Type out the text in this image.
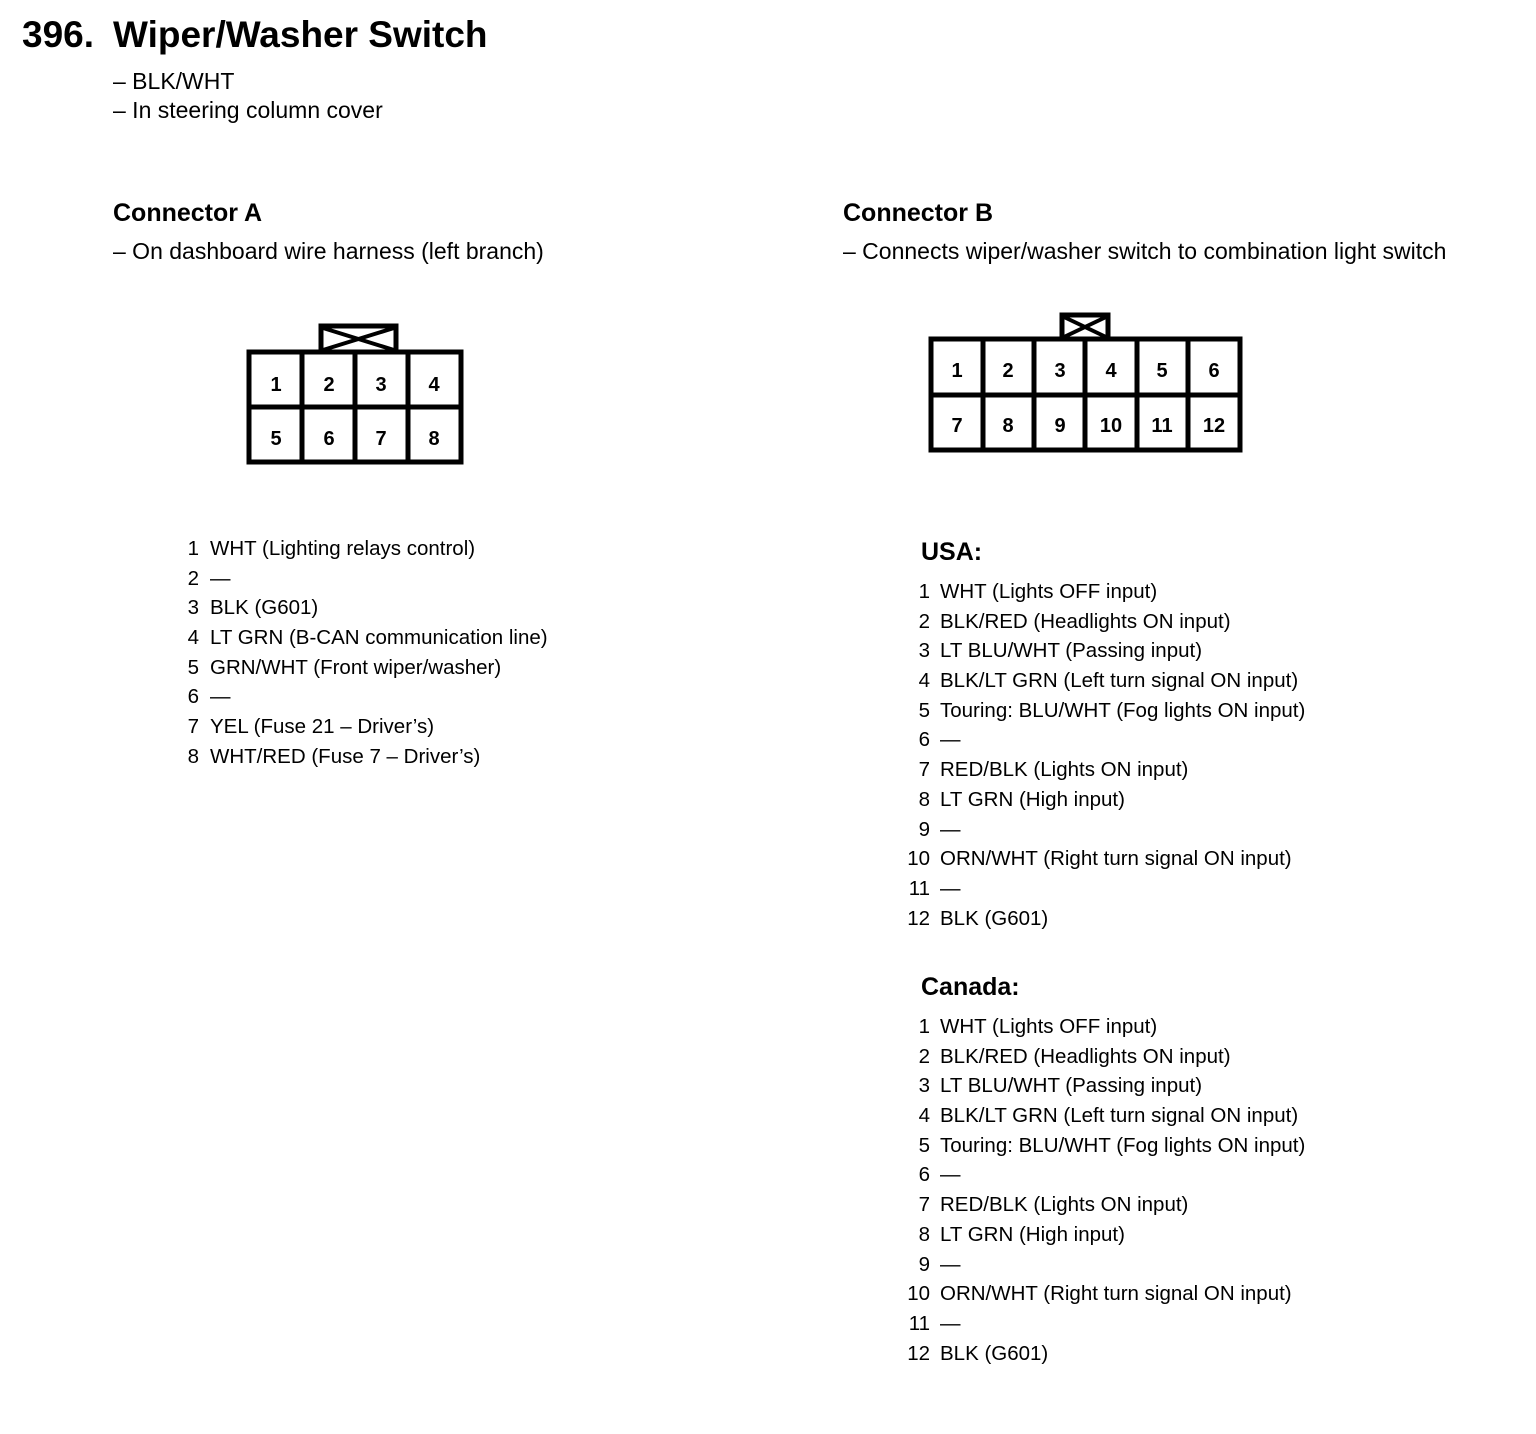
396. Wiper/Washer Switch
– BLK/WHT
– In steering column cover
Connector A
– On dashboard wire harness (left branch)
1 2 3 4
5 6 7 8
1 2 3 4 5 6
7 8 9 10 11 12
1 WHT (Lighting relays control)
2 —
3 BLK (G601)
4 LT GRN (B-CAN communication line)
5 GRN/WHT (Front wiper/washer)
6 —
7 YEL (Fuse 21 – Driver’s)
8 WHT/RED (Fuse 7 – Driver’s)
Connector B
– Connects wiper/washer switch to combination light switch
USA:
1 WHT (Lights OFF input)
2 BLK/RED (Headlights ON input)
3 LT BLU/WHT (Passing input)
4 BLK/LT GRN (Left turn signal ON input)
5 Touring: BLU/WHT (Fog lights ON input)
6 —
7 RED/BLK (Lights ON input)
8 LT GRN (High input)
9 —
10 ORN/WHT (Right turn signal ON input)
11 —
12 BLK (G601)
Canada:
1 WHT (Lights OFF input)
2 BLK/RED (Headlights ON input)
3 LT BLU/WHT (Passing input)
4 BLK/LT GRN (Left turn signal ON input)
5 Touring: BLU/WHT (Fog lights ON input)
6 —
7 RED/BLK (Lights ON input)
8 LT GRN (High input)
9 —
10 ORN/WHT (Right turn signal ON input)
11 —
12 BLK (G601)
